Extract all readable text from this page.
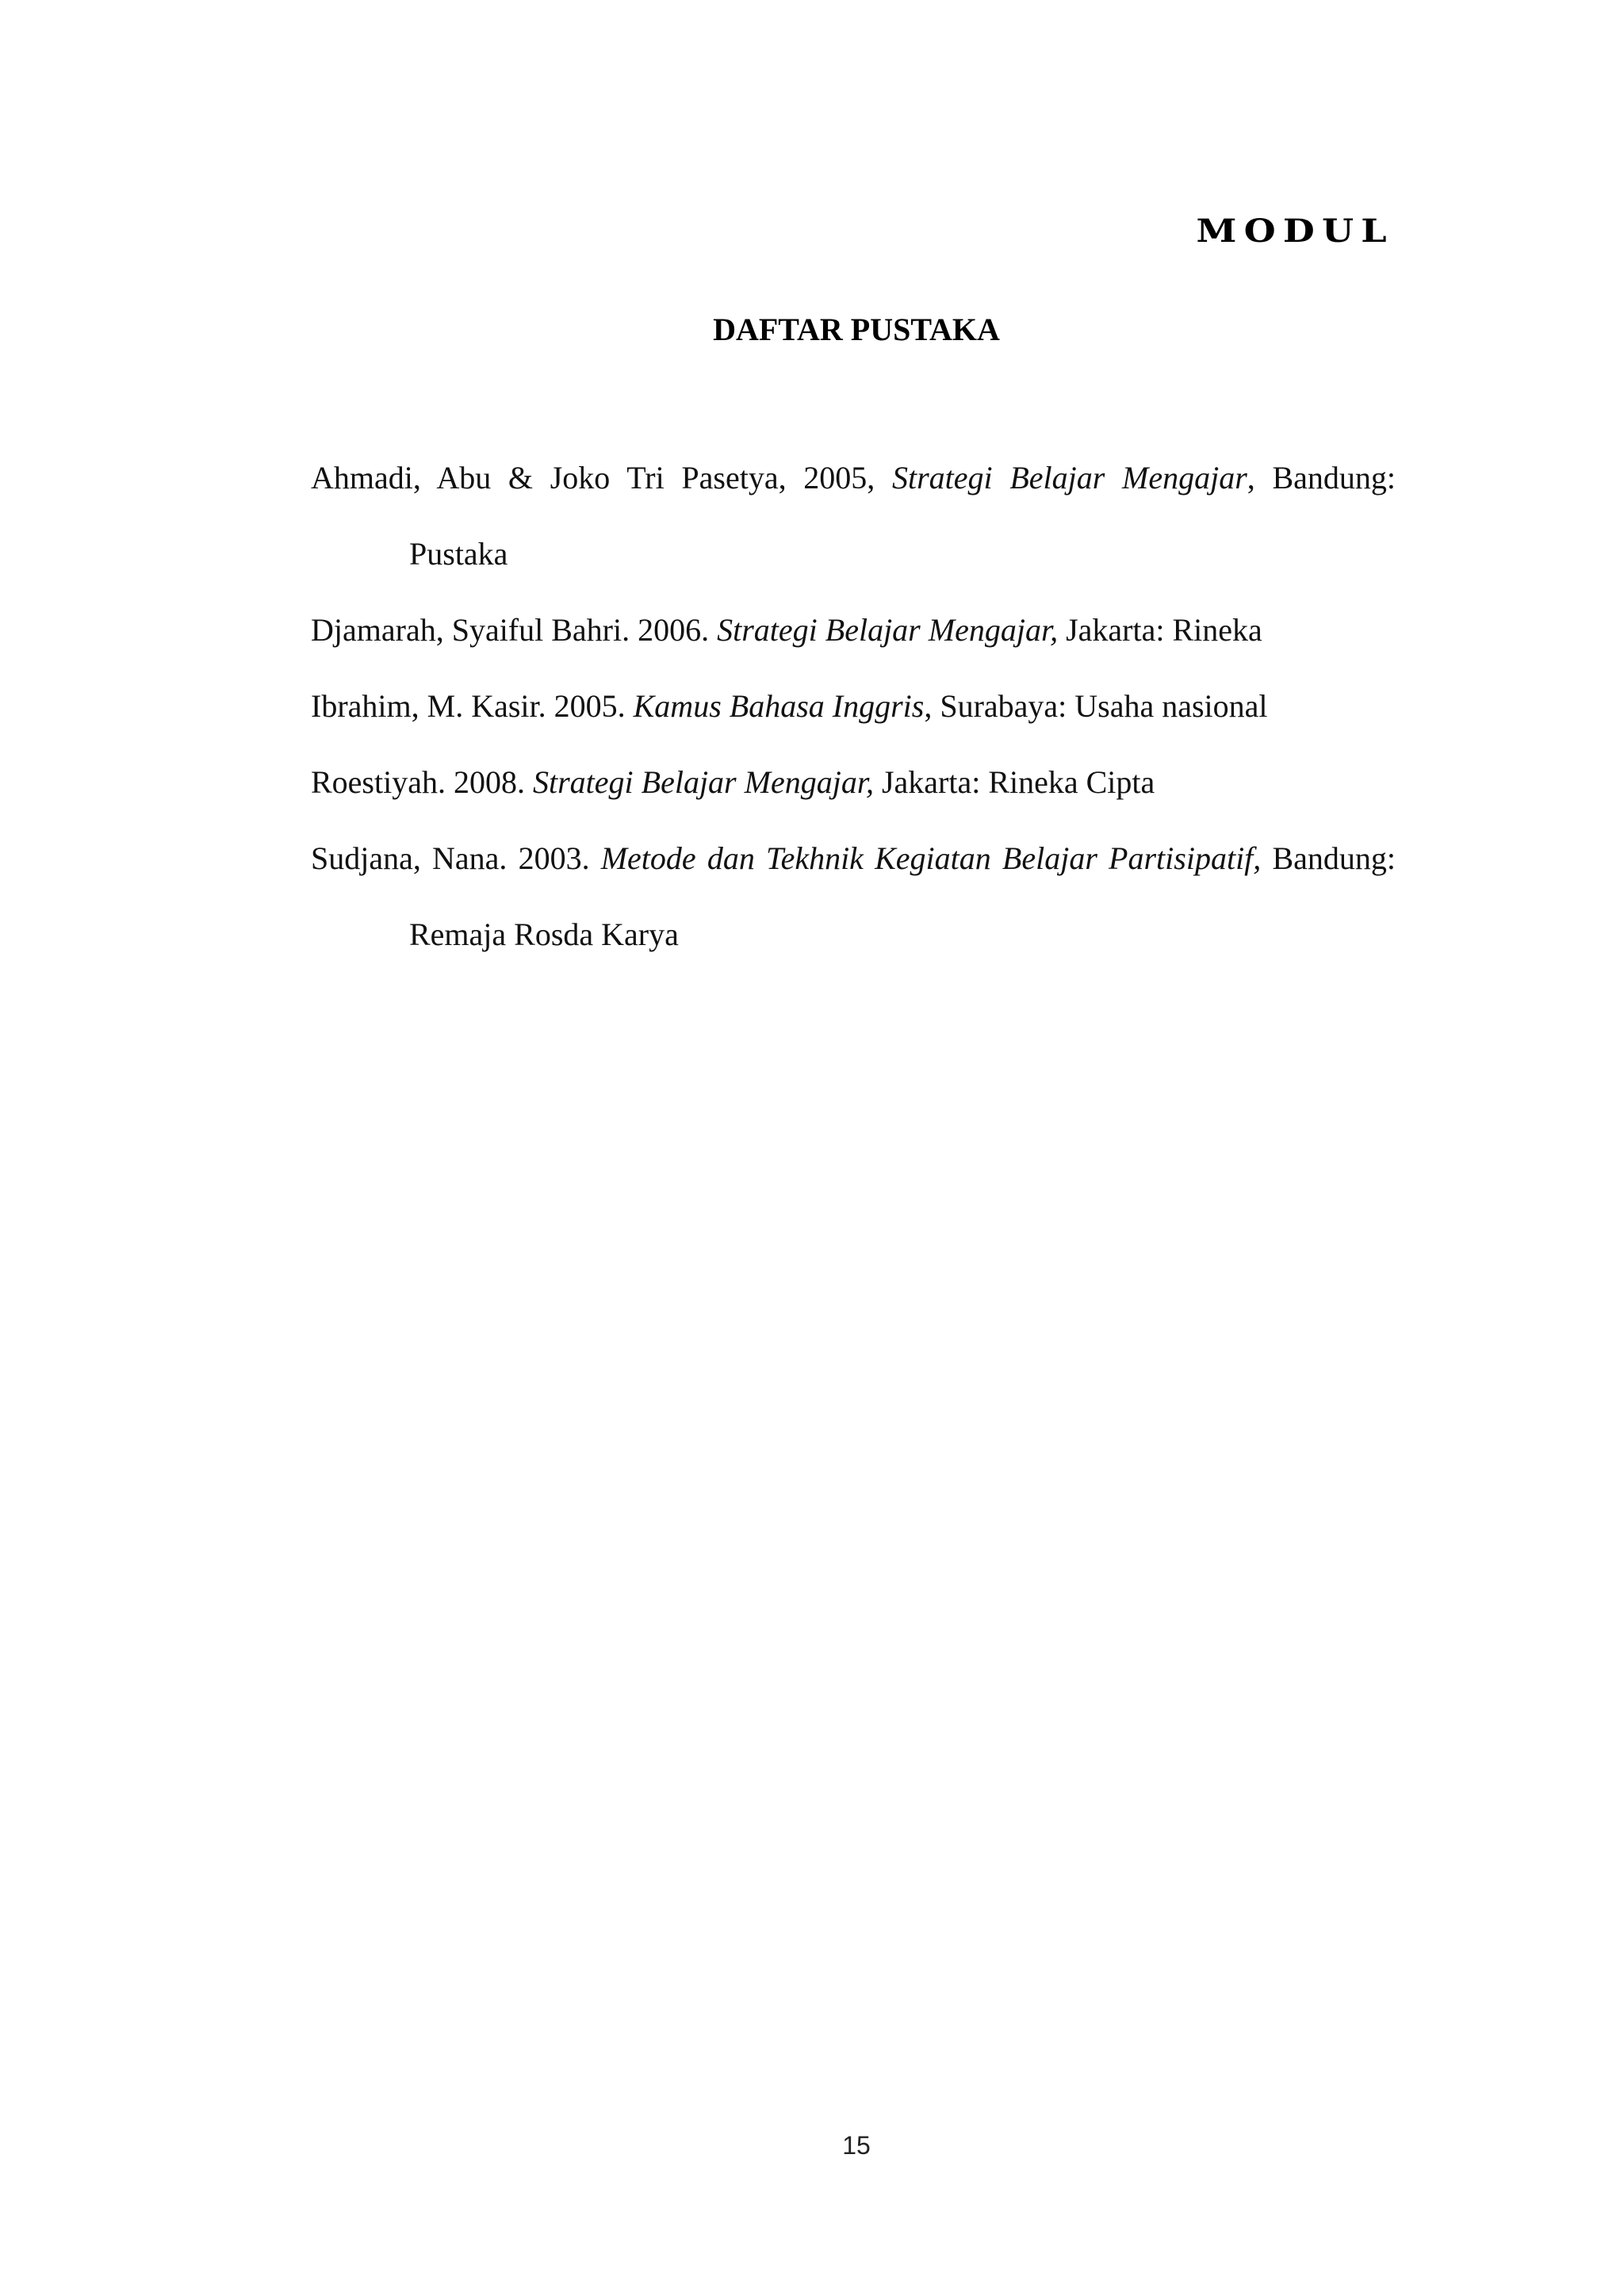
MODUL
DAFTAR PUSTAKA

Ahmadi, Abu & Joko Tri Pasetya, 2005, Strategi Belajar Mengajar, Bandung: Pustaka

Djamarah, Syaiful Bahri. 2006. Strategi Belajar Mengajar, Jakarta: Rineka

Ibrahim, M. Kasir. 2005. Kamus Bahasa Inggris, Surabaya: Usaha nasional

Roestiyah. 2008. Strategi Belajar Mengajar, Jakarta: Rineka Cipta

Sudjana, Nana. 2003. Metode dan Tekhnik Kegiatan Belajar Partisipatif, Bandung: Remaja Rosda Karya

15
